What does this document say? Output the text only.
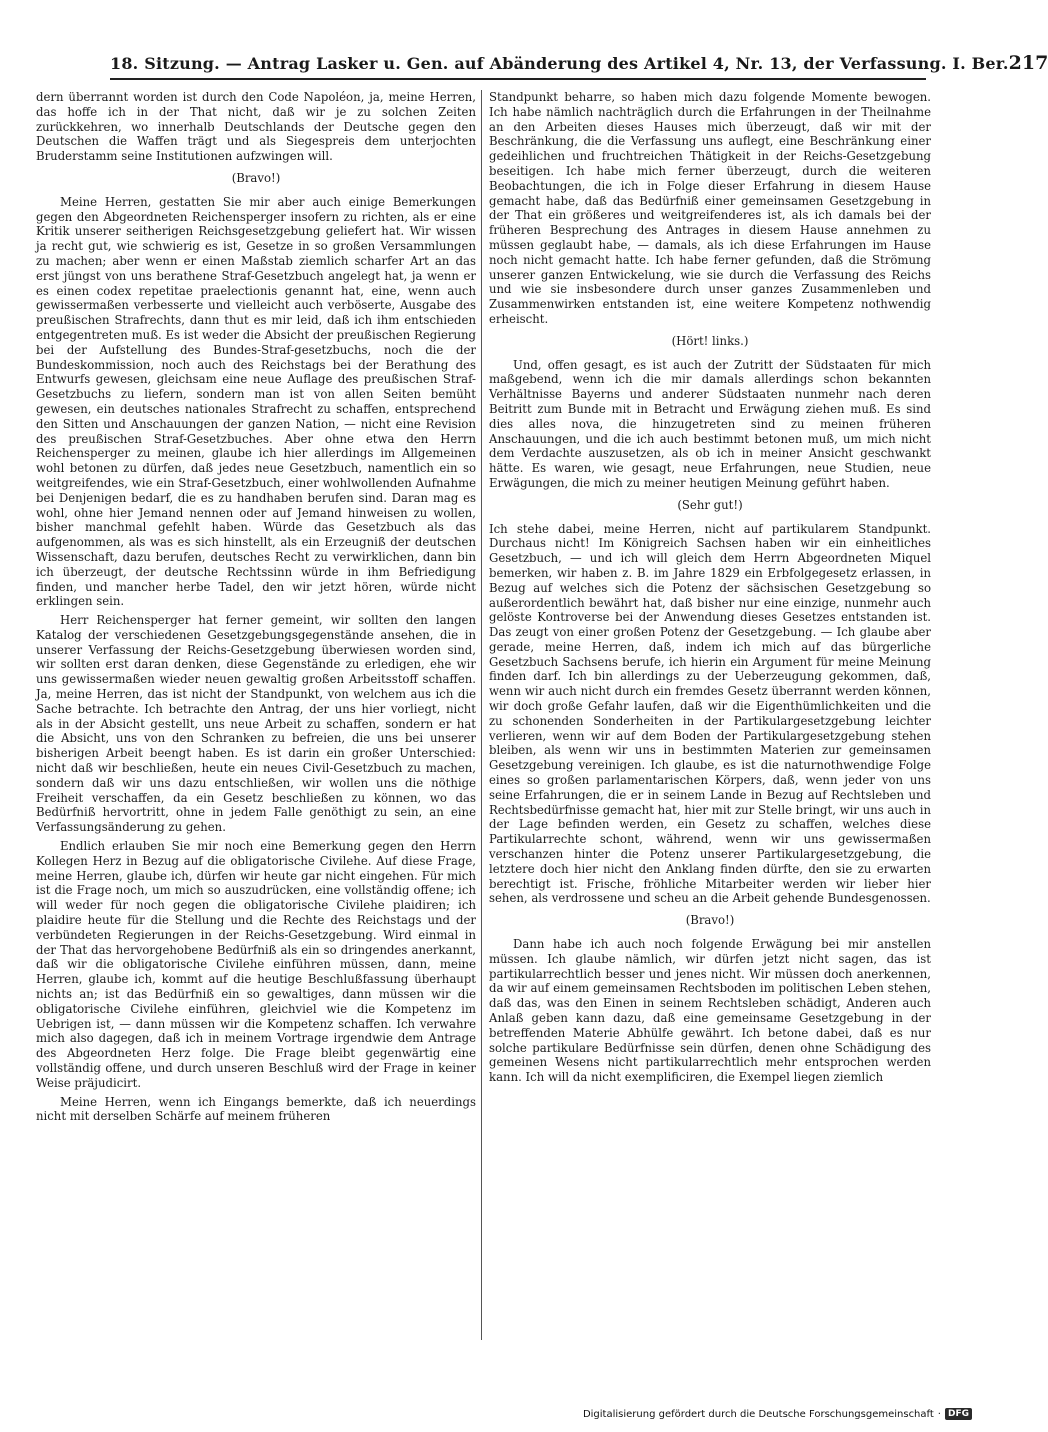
18. Sitzung. — Antrag Lasker u. Gen. auf Abänderung des Artikel 4, Nr. 13, der Verfassung. I. Ber. 217

dern überrannt worden ist durch den Code Napoléon, ja, meine Herren, das hoffe ich in der That nicht, daß wir je zu solchen Zeiten zurückkehren, wo innerhalb Deutschlands der Deutsche gegen den Deutschen die Waffen trägt und als Siegespreis dem unterjochten Bruderstamm seine Institutionen aufzwingen will.

(Bravo!)

Meine Herren, gestatten Sie mir aber auch einige Bemerkungen gegen den Abgeordneten Reichensperger insofern zu richten, als er eine Kritik unserer seitherigen Reichsgesetzgebung geliefert hat. Wir wissen ja recht gut, wie schwierig es ist, Gesetze in so großen Versammlungen zu machen; aber wenn er einen Maßstab ziemlich scharfer Art an das erst jüngst von uns berathene Straf-Gesetzbuch angelegt hat, ja wenn er es einen codex repetitae praelectionis genannt hat, eine, wenn auch gewissermaßen verbesserte und vielleicht auch verböserte, Ausgabe des preußischen Strafrechts, dann thut es mir leid, daß ich ihm entschieden entgegentreten muß. Es ist weder die Absicht der preußischen Regierung bei der Aufstellung des Bundes-Straf-gesetzbuchs, noch die der Bundeskommission, noch auch des Reichstags bei der Berathung des Entwurfs gewesen, gleichsam eine neue Auflage des preußischen Straf-Gesetzbuchs zu liefern, sondern man ist von allen Seiten bemüht gewesen, ein deutsches nationales Strafrecht zu schaffen, entsprechend den Sitten und Anschauungen der ganzen Nation, — nicht eine Revision des preußischen Straf-Gesetzbuches. Aber ohne etwa den Herrn Reichensperger zu meinen, glaube ich hier allerdings im Allgemeinen wohl betonen zu dürfen, daß jedes neue Gesetzbuch, namentlich ein so weitgreifendes, wie ein Straf-Gesetzbuch, einer wohlwollenden Aufnahme bei Denjenigen bedarf, die es zu handhaben berufen sind. Daran mag es wohl, ohne hier Jemand nennen oder auf Jemand hinweisen zu wollen, bisher manchmal gefehlt haben. Würde das Gesetzbuch als das aufgenommen, als was es sich hinstellt, als ein Erzeugniß der deutschen Wissenschaft, dazu berufen, deutsches Recht zu verwirklichen, dann bin ich überzeugt, der deutsche Rechtssinn würde in ihm Befriedigung finden, und mancher herbe Tadel, den wir jetzt hören, würde nicht erklingen sein.

Herr Reichensperger hat ferner gemeint, wir sollten den langen Katalog der verschiedenen Gesetzgebungsgegenstände ansehen, die in unserer Verfassung der Reichs-Gesetzgebung überwiesen worden sind, wir sollten erst daran denken, diese Gegenstände zu erledigen, ehe wir uns gewissermaßen wieder neuen gewaltig großen Arbeitsstoff schaffen. Ja, meine Herren, das ist nicht der Standpunkt, von welchem aus ich die Sache betrachte. Ich betrachte den Antrag, der uns hier vorliegt, nicht als in der Absicht gestellt, uns neue Arbeit zu schaffen, sondern er hat die Absicht, uns von den Schranken zu befreien, die uns bei unserer bisherigen Arbeit beengt haben. Es ist darin ein großer Unterschied: nicht daß wir beschließen, heute ein neues Civil-Gesetzbuch zu machen, sondern daß wir uns dazu entschließen, wir wollen uns die nöthige Freiheit verschaffen, da ein Gesetz beschließen zu können, wo das Bedürfniß hervortritt, ohne in jedem Falle genöthigt zu sein, an eine Verfassungsänderung zu gehen.

Endlich erlauben Sie mir noch eine Bemerkung gegen den Herrn Kollegen Herz in Bezug auf die obligatorische Civilehe. Auf diese Frage, meine Herren, glaube ich, dürfen wir heute gar nicht eingehen. Für mich ist die Frage noch, um mich so auszudrücken, eine vollständig offene; ich will weder für noch gegen die obligatorische Civilehe plaidiren; ich plaidire heute für die Stellung und die Rechte des Reichstags und der verbündeten Regierungen in der Reichs-Gesetzgebung. Wird einmal in der That das hervorgehobene Bedürfniß als ein so dringendes anerkannt, daß wir die obligatorische Civilehe einführen müssen, dann, meine Herren, glaube ich, kommt auf die heutige Beschlußfassung überhaupt nichts an; ist das Bedürfniß ein so gewaltiges, dann müssen wir die obligatorische Civilehe einführen, gleichviel wie die Kompetenz im Uebrigen ist, — dann müssen wir die Kompetenz schaffen. Ich verwahre mich also dagegen, daß ich in meinem Vortrage irgendwie dem Antrage des Abgeordneten Herz folge. Die Frage bleibt gegenwärtig eine vollständig offene, und durch unseren Beschluß wird der Frage in keiner Weise präjudicirt.

Meine Herren, wenn ich Eingangs bemerkte, daß ich neuerdings nicht mit derselben Schärfe auf meinem früheren

Standpunkt beharre, so haben mich dazu folgende Momente bewogen. Ich habe nämlich nachträglich durch die Erfahrungen in der Theilnahme an den Arbeiten dieses Hauses mich überzeugt, daß wir mit der Beschränkung, die die Verfassung uns auflegt, eine Beschränkung einer gedeihlichen und fruchtreichen Thätigkeit in der Reichs-Gesetzgebung beseitigen. Ich habe mich ferner überzeugt, durch die weiteren Beobachtungen, die ich in Folge dieser Erfahrung in diesem Hause gemacht habe, daß das Bedürfniß einer gemeinsamen Gesetzgebung in der That ein größeres und weitgreifenderes ist, als ich damals bei der früheren Besprechung des Antrages in diesem Hause annehmen zu müssen geglaubt habe, — damals, als ich diese Erfahrungen im Hause noch nicht gemacht hatte. Ich habe ferner gefunden, daß die Strömung unserer ganzen Entwickelung, wie sie durch die Verfassung des Reichs und wie sie insbesondere durch unser ganzes Zusammenleben und Zusammenwirken entstanden ist, eine weitere Kompetenz nothwendig erheischt.

(Hört! links.)

Und, offen gesagt, es ist auch der Zutritt der Südstaaten für mich maßgebend, wenn ich die mir damals allerdings schon bekannten Verhältnisse Bayerns und anderer Südstaaten nunmehr nach deren Beitritt zum Bunde mit in Betracht und Erwägung ziehen muß. Es sind dies alles nova, die hinzugetreten sind zu meinen früheren Anschauungen, und die ich auch bestimmt betonen muß, um mich nicht dem Verdachte auszusetzen, als ob ich in meiner Ansicht geschwankt hätte. Es waren, wie gesagt, neue Erfahrungen, neue Studien, neue Erwägungen, die mich zu meiner heutigen Meinung geführt haben.

(Sehr gut!)

Ich stehe dabei, meine Herren, nicht auf partikularem Standpunkt. Durchaus nicht! Im Königreich Sachsen haben wir ein einheitliches Gesetzbuch, — und ich will gleich dem Herrn Abgeordneten Miquel bemerken, wir haben z. B. im Jahre 1829 ein Erbfolgegesetz erlassen, in Bezug auf welches sich die Potenz der sächsischen Gesetzgebung so außerordentlich bewährt hat, daß bisher nur eine einzige, nunmehr auch gelöste Kontroverse bei der Anwendung dieses Gesetzes entstanden ist. Das zeugt von einer großen Potenz der Gesetzgebung. — Ich glaube aber gerade, meine Herren, daß, indem ich mich auf das bürgerliche Gesetzbuch Sachsens berufe, ich hierin ein Argument für meine Meinung finden darf. Ich bin allerdings zu der Ueberzeugung gekommen, daß, wenn wir auch nicht durch ein fremdes Gesetz überrannt werden können, wir doch große Gefahr laufen, daß wir die Eigenthümlichkeiten und die zu schonenden Sonderheiten in der Partikulargesetzgebung leichter verlieren, wenn wir auf dem Boden der Partikulargesetzgebung stehen bleiben, als wenn wir uns in bestimmten Materien zur gemeinsamen Gesetzgebung vereinigen. Ich glaube, es ist die naturnothwendige Folge eines so großen parlamentarischen Körpers, daß, wenn jeder von uns seine Erfahrungen, die er in seinem Lande in Bezug auf Rechtsleben und Rechtsbedürfnisse gemacht hat, hier mit zur Stelle bringt, wir uns auch in der Lage befinden werden, ein Gesetz zu schaffen, welches diese Partikularrechte schont, während, wenn wir uns gewissermaßen verschanzen hinter die Potenz unserer Partikulargesetzgebung, die letztere doch hier nicht den Anklang finden dürfte, den sie zu erwarten berechtigt ist. Frische, fröhliche Mitarbeiter werden wir lieber hier sehen, als verdrossene und scheu an die Arbeit gehende Bundesgenossen.

(Bravo!)

Dann habe ich auch noch folgende Erwägung bei mir anstellen müssen. Ich glaube nämlich, wir dürfen jetzt nicht sagen, das ist partikularrechtlich besser und jenes nicht. Wir müssen doch anerkennen, da wir auf einem gemeinsamen Rechtsboden im politischen Leben stehen, daß das, was den Einen in seinem Rechtsleben schädigt, Anderen auch Anlaß geben kann dazu, daß eine gemeinsame Gesetzgebung in der betreffenden Materie Abhülfe gewährt. Ich betone dabei, daß es nur solche partikulare Bedürfnisse sein dürfen, denen ohne Schädigung des gemeinen Wesens nicht partikularrechtlich mehr entsprochen werden kann. Ich will da nicht exemplificiren, die Exempel liegen ziemlich

Digitalisierung gefördert durch die Deutsche Forschungsgemeinschaft · DFG
